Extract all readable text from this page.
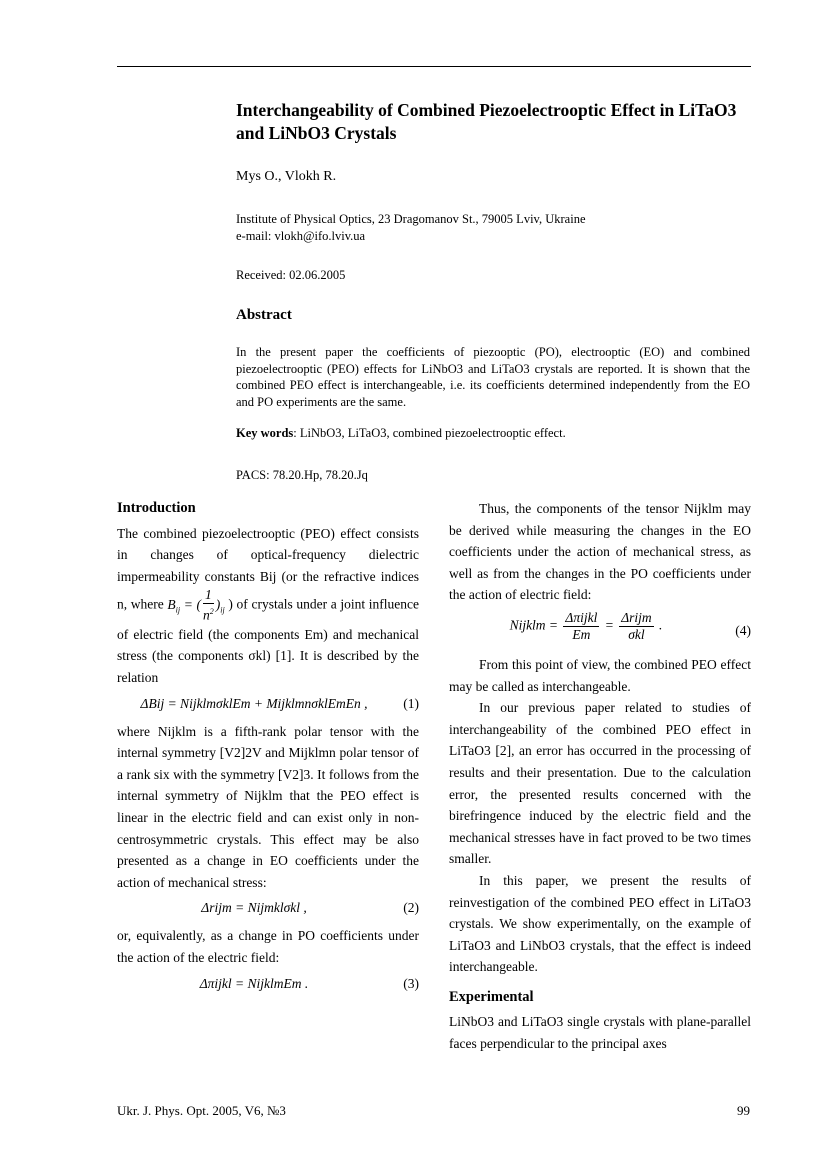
Interchangeability of Combined Piezoelectrooptic Effect in LiTaO3 and LiNbO3 Crystals
Mys O., Vlokh R.
Institute of Physical Optics, 23 Dragomanov St., 79005 Lviv, Ukraine
e-mail: vlokh@ifo.lviv.ua
Received: 02.06.2005
Abstract
In the present paper the coefficients of piezooptic (PO), electrooptic (EO) and combined piezoelectrooptic (PEO) effects for LiNbO3 and LiTaO3 crystals are reported. It is shown that the combined PEO effect is interchangeable, i.e. its coefficients determined independently from the EO and PO experiments are the same.
Key words: LiNbO3, LiTaO3, combined piezoelectrooptic effect.
PACS: 78.20.Hp, 78.20.Jq
Introduction

The combined piezoelectrooptic (PEO) effect consists in changes of optical-frequency dielectric impermeability constants Bij (or the refractive indices n, where $B_{ij}$ = ( $\frac{1}{n^2} )_{ij}$ ) of crystals under a joint influence of electric field (the components Em) and mechanical stress (the components σkl) [1]. It is described by the relation

ΔBij = NijklmσklEm + MijklmnσklEmEn ,	(1)

where Nijklm is a fifth-rank polar tensor with the internal symmetry [V2]2V and Mijklmn polar tensor of a rank six with the symmetry [V2]3. It follows from the internal symmetry of Nijklm that the PEO effect is linear in the electric field and can exist only in non-centrosymmetric crystals. This effect may be also presented as a change in EO coefficients under the action of mechanical stress:

Δrijm = Nijmklσkl ,	(2)

or, equivalently, as a change in PO coefficients under the action of the electric field:

Δπijkl = NijklmEm .	(3)

Thus, the components of the tensor Nijklm may be derived while measuring the changes in the EO coefficients under the action of mechanical stress, as well as from the changes in the PO coefficients under the action of electric field:

Nijklm = $\frac{\text{Δπijkl}}{Em} = \frac{\text{Δrijm}}{\text{σkl}}$ .	(4)

From this point of view, the combined PEO effect may be called as interchangeable.

In our previous paper related to studies of interchangeability of the combined PEO effect in LiTaO3 [2], an error has occurred in the processing of results and their presentation. Due to the calculation error, the presented results concerned with the birefringence induced by the electric field and the mechanical stresses have in fact proved to be two times smaller.

In this paper, we present the results of reinvestigation of the combined PEO effect in LiTaO3 crystals. We show experimentally, on the example of LiTaO3 and LiNbO3 crystals, that the effect is indeed interchangeable.

Experimental

LiNbO3 and LiTaO3 single crystals with plane-parallel faces perpendicular to the principal axes

Ukr. J. Phys. Opt. 2005, V6, №3	99
